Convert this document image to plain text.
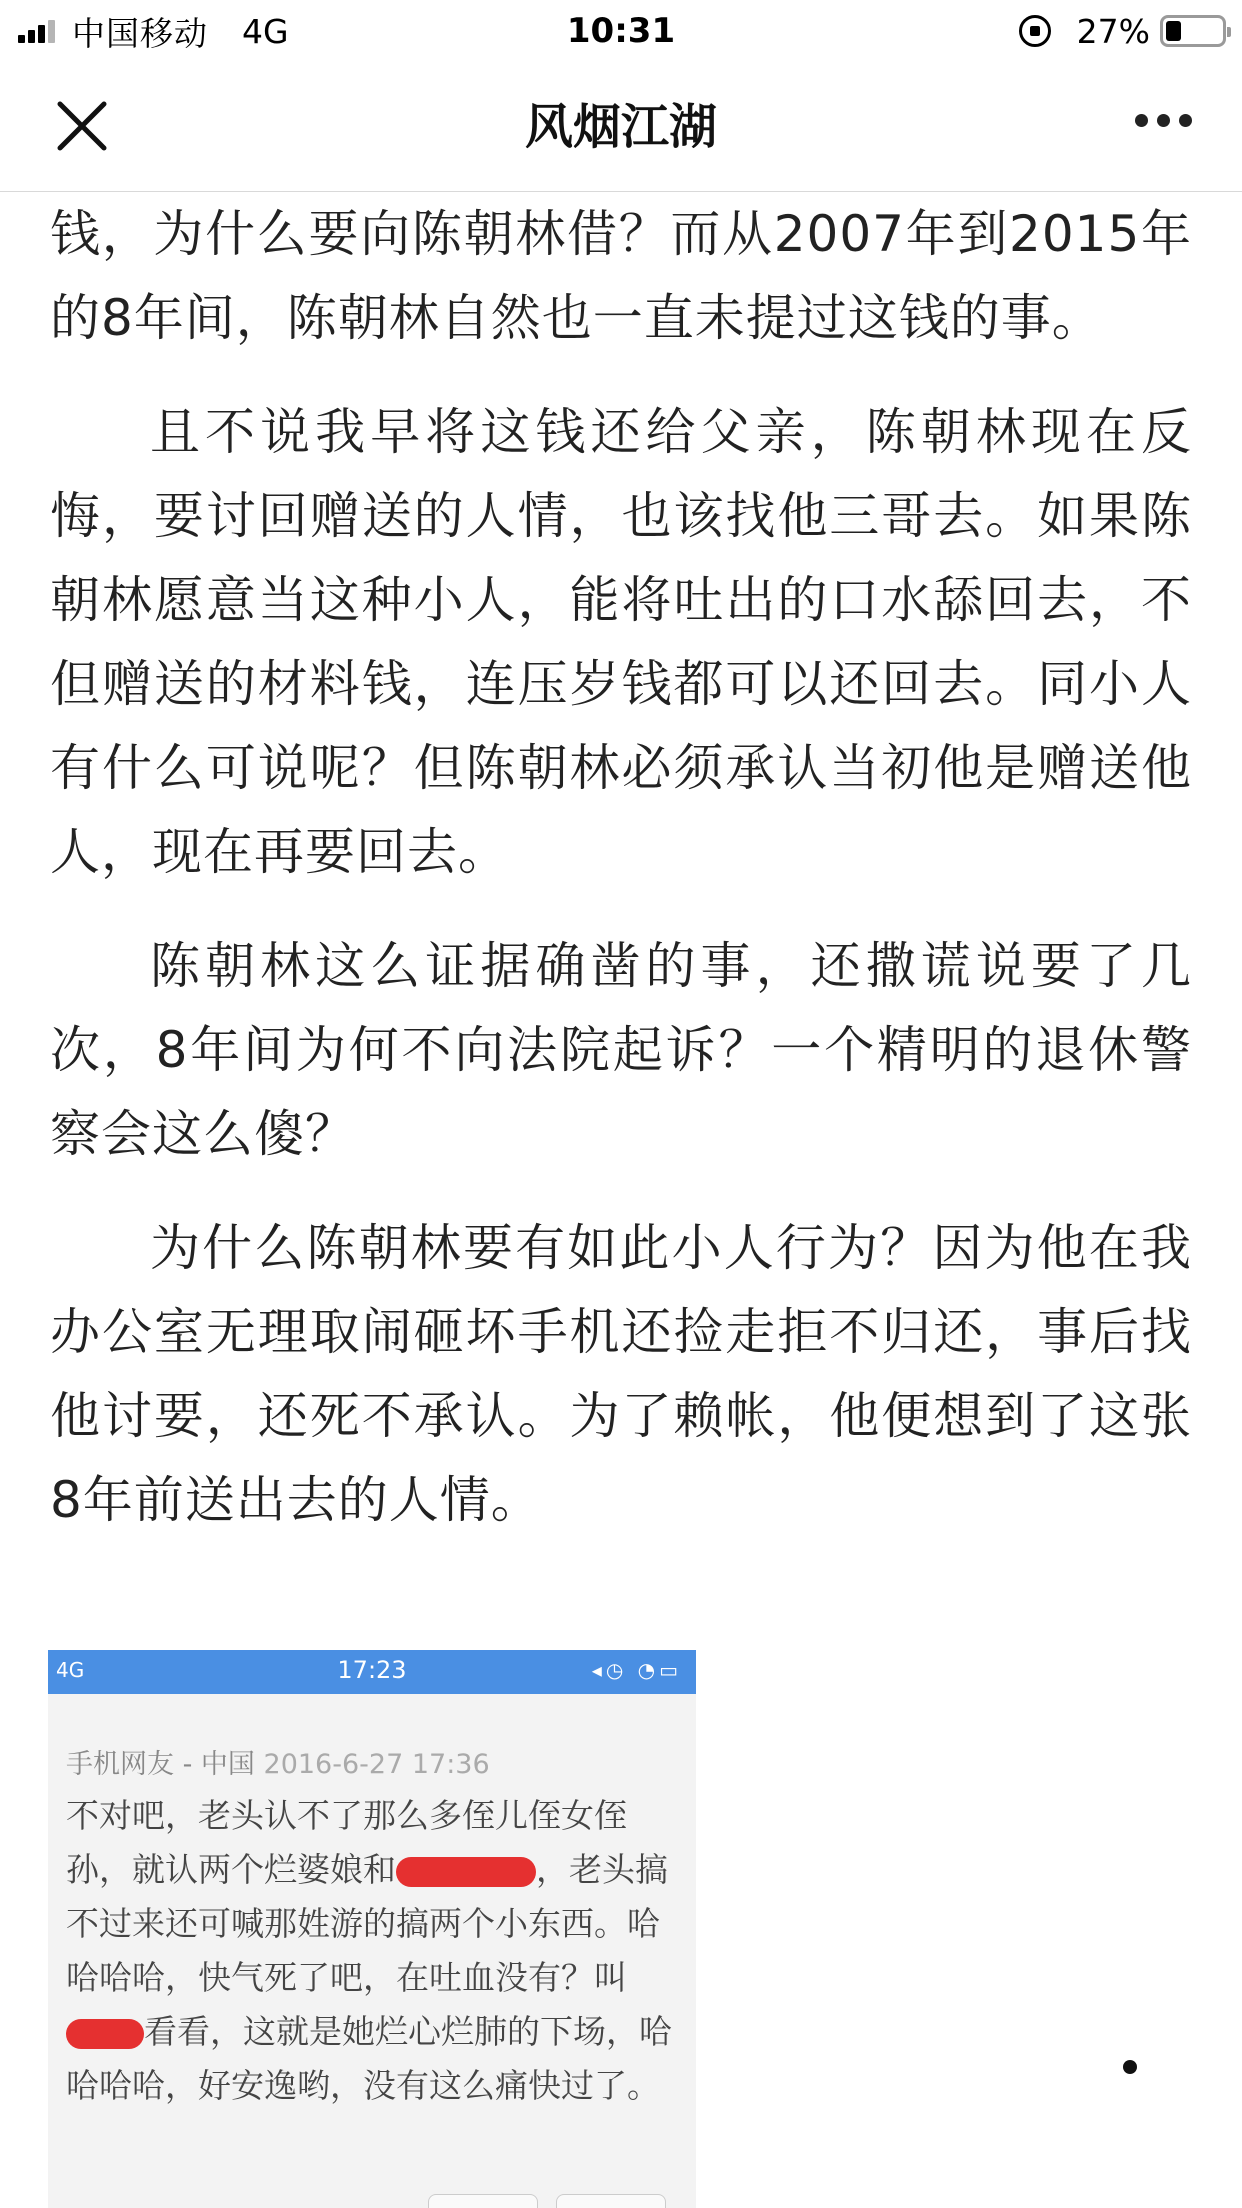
中国移动 4G	10:31	27%
风烟江湖

钱，为什么要向陈朝林借？而从2007年到2015年的8年间，陈朝林自然也一直未提过这钱的事。

且不说我早将这钱还给父亲，陈朝林现在反悔，要讨回赠送的人情，也该找他三哥去。如果陈朝林愿意当这种小人，能将吐出的口水舔回去，不但赠送的材料钱，连压岁钱都可以还回去。同小人有什么可说呢？但陈朝林必须承认当初他是赠送他人，现在再要回去。

陈朝林这么证据确凿的事，还撒谎说要了几次，8年间为何不向法院起诉？一个精明的退休警察会这么傻？

为什么陈朝林要有如此小人行为？因为他在我办公室无理取闹砸坏手机还捡走拒不归还，事后找他讨要，还死不承认。为了赖帐，他便想到了这张8年前送出去的人情。

4G	17:23	◂◷ ◔▭
手机网友 - 中国 2016-6-27 17:36
不对吧，老头认不了那么多侄儿侄女侄孙，就认两个烂婆娘和	，老头搞不过来还可喊那姓游的搞两个小东西。哈哈哈哈，快气死了吧，在吐血没有？叫看看，这就是她烂心烂肺的下场，哈哈哈哈，好安逸哟，没有这么痛快过了。
